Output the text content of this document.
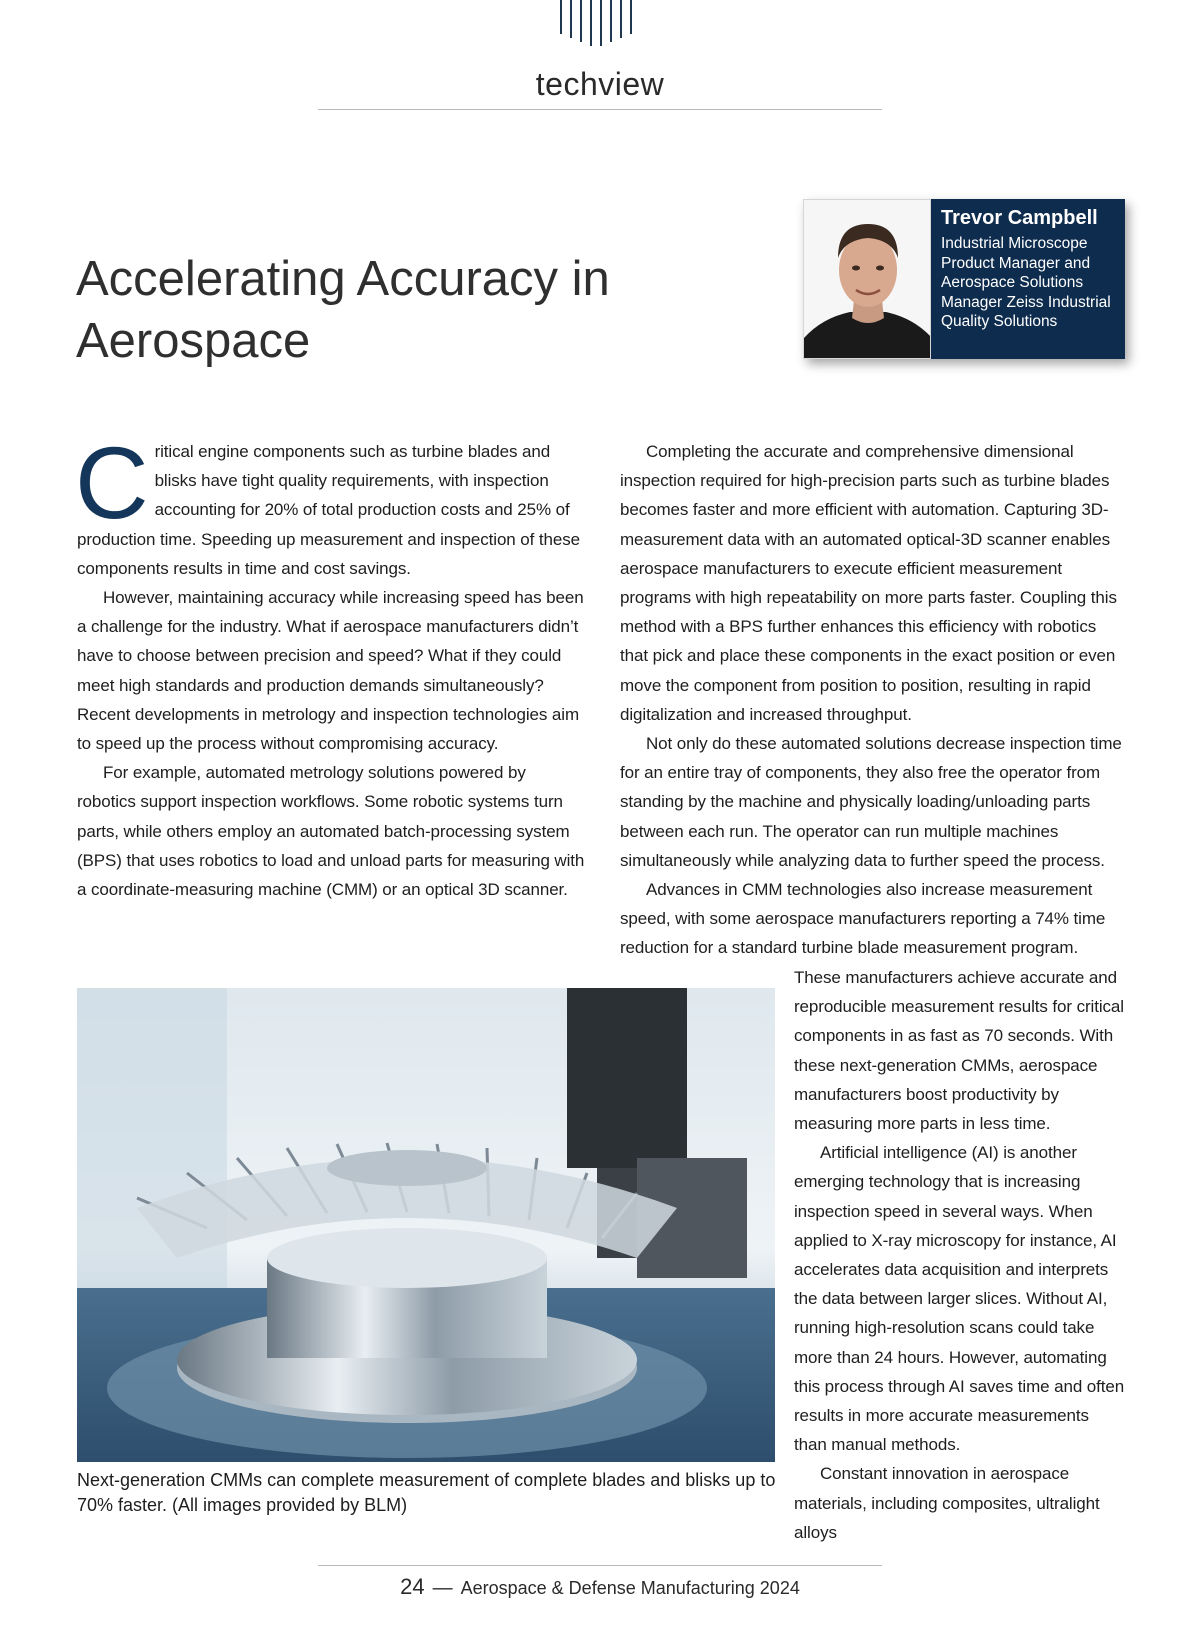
techview
Accelerating Accuracy in Aerospace
Trevor Campbell
Industrial Microscope Product Manager and Aerospace Solutions Manager Zeiss Industrial Quality Solutions

Critical engine components such as turbine blades and blisks have tight quality requirements, with inspection accounting for 20% of total production costs and 25% of production time. Speeding up measurement and inspection of these components results in time and cost savings.

However, maintaining accuracy while increasing speed has been a challenge for the industry. What if aerospace manufacturers didn’t have to choose between precision and speed? What if they could meet high standards and production demands simultaneously? Recent developments in metrology and inspection technologies aim to speed up the process without compromising accuracy.

For example, automated metrology solutions powered by robotics support inspection workflows. Some robotic systems turn parts, while others employ an automated batch-processing system (BPS) that uses robotics to load and unload parts for measuring with a coordinate-measuring machine (CMM) or an optical 3D scanner.

Completing the accurate and comprehensive dimensional inspection required for high-precision parts such as turbine blades becomes faster and more efficient with automation. Capturing 3D-measurement data with an automated optical-3D scanner enables aerospace manufacturers to execute efficient measurement programs with high repeatability on more parts faster. Coupling this method with a BPS further enhances this efficiency with robotics that pick and place these components in the exact position or even move the component from position to position, resulting in rapid digitalization and increased throughput.

Not only do these automated solutions decrease inspection time for an entire tray of components, they also free the operator from standing by the machine and physically loading/unloading parts between each run. The operator can run multiple machines simultaneously while analyzing data to further speed the process.

Advances in CMM technologies also increase measurement speed, with some aerospace manufacturers reporting a 74% time reduction for a standard turbine blade measurement program.

These manufacturers achieve accurate and reproducible measurement results for critical components in as fast as 70 seconds. With these next-generation CMMs, aerospace manufacturers boost productivity by measuring more parts in less time.

Artificial intelligence (AI) is another emerging technology that is increasing inspection speed in several ways. When applied to X-ray microscopy for instance, AI accelerates data acquisition and interprets the data between larger slices. Without AI, running high-resolution scans could take more than 24 hours. However, automating this process through AI saves time and often results in more accurate measurements than manual methods.

Constant innovation in aerospace materials, including composites, ultralight alloys

Next-generation CMMs can complete measurement of complete blades and blisks up to 70% faster. (All images provided by BLM)
24 — Aerospace & Defense Manufacturing 2024
